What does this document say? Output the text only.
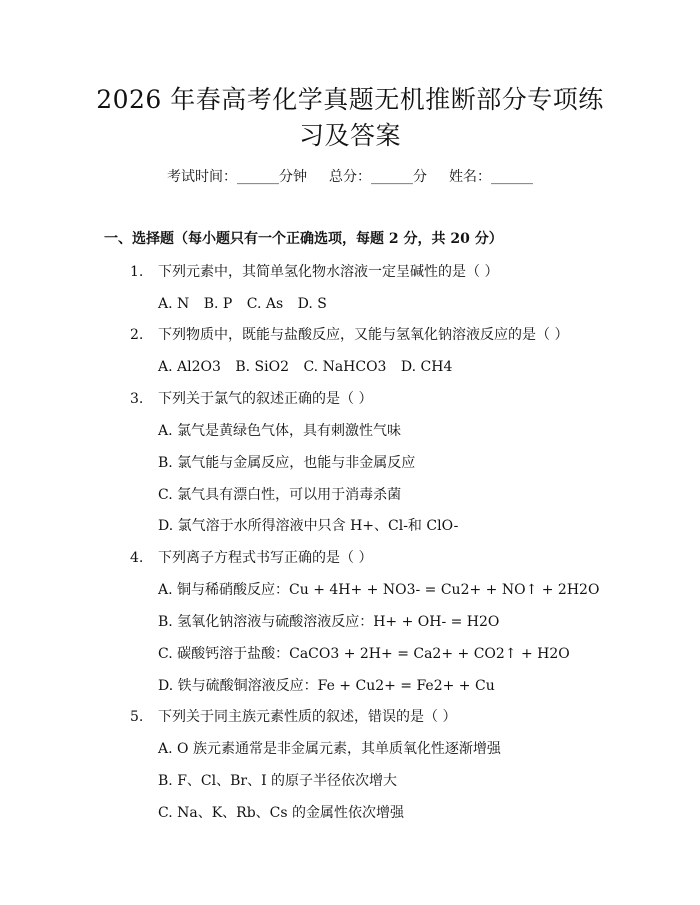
2026 年春高考化学真题无机推断部分专项练
习及答案
考试时间：______分钟 总分：______分 姓名：______
一、选择题（每小题只有一个正确选项，每题 2 分，共 20 分）
1. 下列元素中，其简单氢化物水溶液一定呈碱性的是（ ）
A. N B. P C. As D. S
2. 下列物质中，既能与盐酸反应，又能与氢氧化钠溶液反应的是（ ）
A. Al2O3 B. SiO2 C. NaHCO3 D. CH4
3. 下列关于氯气的叙述正确的是（ ）
A. 氯气是黄绿色气体，具有刺激性气味
B. 氯气能与金属反应，也能与非金属反应
C. 氯气具有漂白性，可以用于消毒杀菌
D. 氯气溶于水所得溶液中只含 H+、Cl-和 ClO-
4. 下列离子方程式书写正确的是（ ）
A. 铜与稀硝酸反应：Cu + 4H+ + NO3- = Cu2+ + NO↑ + 2H2O
B. 氢氧化钠溶液与硫酸溶液反应：H+ + OH- = H2O
C. 碳酸钙溶于盐酸：CaCO3 + 2H+ = Ca2+ + CO2↑ + H2O
D. 铁与硫酸铜溶液反应：Fe + Cu2+ = Fe2+ + Cu
5. 下列关于同主族元素性质的叙述，错误的是（ ）
A. O 族元素通常是非金属元素，其单质氧化性逐渐增强
B. F、Cl、Br、I 的原子半径依次增大
C. Na、K、Rb、Cs 的金属性依次增强
